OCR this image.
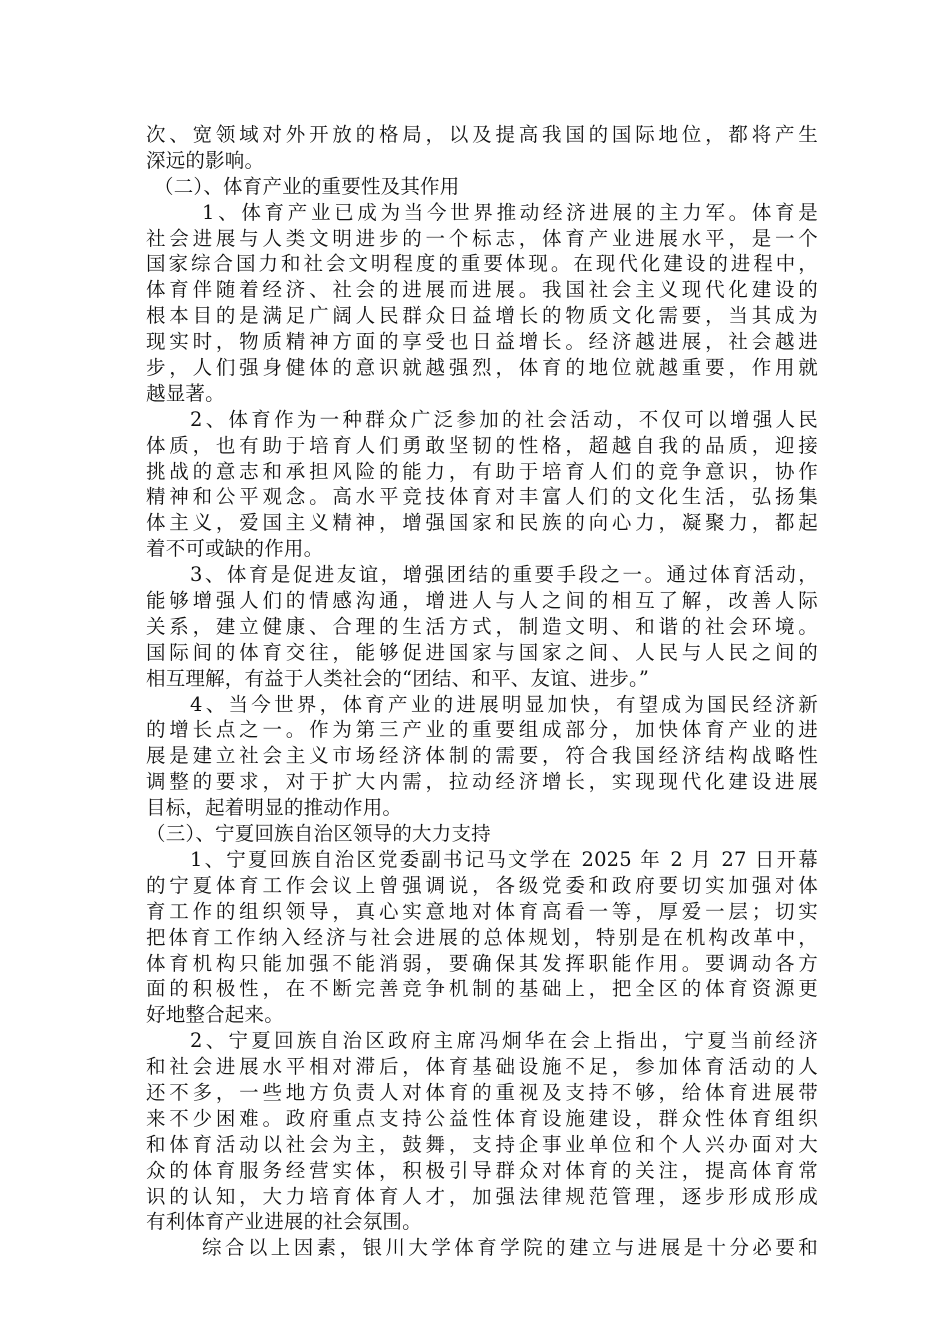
次、宽领域对外开放的格局，以及提高我国的国际地位，都将产生
深远的影响。
（二）、体育产业的重要性及其作用
1、体育产业已成为当今世界推动经济进展的主力军。体育是
社会进展与人类文明进步的一个标志，体育产业进展水平，是一个
国家综合国力和社会文明程度的重要体现。在现代化建设的进程中，
体育伴随着经济、社会的进展而进展。我国社会主义现代化建设的
根本目的是满足广阔人民群众日益增长的物质文化需要，当其成为
现实时，物质精神方面的享受也日益增长。经济越进展，社会越进
步，人们强身健体的意识就越强烈，体育的地位就越重要，作用就
越显著。
2、体育作为一种群众广泛参加的社会活动，不仅可以增强人民
体质，也有助于培育人们勇敢坚韧的性格，超越自我的品质，迎接
挑战的意志和承担风险的能力，有助于培育人们的竞争意识，协作
精神和公平观念。高水平竞技体育对丰富人们的文化生活，弘扬集
体主义，爱国主义精神，增强国家和民族的向心力，凝聚力，都起
着不可或缺的作用。
3、体育是促进友谊，增强团结的重要手段之一。通过体育活动，
能够增强人们的情感沟通，增进人与人之间的相互了解，改善人际
关系，建立健康、合理的生活方式，制造文明、和谐的社会环境。
国际间的体育交往，能够促进国家与国家之间、人民与人民之间的
相互理解，有益于人类社会的“团结、和平、友谊、进步。”
4、当今世界，体育产业的进展明显加快，有望成为国民经济新
的增长点之一。作为第三产业的重要组成部分，加快体育产业的进
展是建立社会主义市场经济体制的需要，符合我国经济结构战略性
调整的要求，对于扩大内需，拉动经济增长，实现现代化建设进展
目标，起着明显的推动作用。
（三）、宁夏回族自治区领导的大力支持
1、宁夏回族自治区党委副书记马文学在 2025 年 2 月 27 日开幕
的宁夏体育工作会议上曾强调说，各级党委和政府要切实加强对体
育工作的组织领导，真心实意地对体育高看一等，厚爱一层；切实
把体育工作纳入经济与社会进展的总体规划，特别是在机构改革中，
体育机构只能加强不能消弱，要确保其发挥职能作用。要调动各方
面的积极性，在不断完善竞争机制的基础上，把全区的体育资源更
好地整合起来。
2、宁夏回族自治区政府主席冯炯华在会上指出，宁夏当前经济
和社会进展水平相对滞后，体育基础设施不足，参加体育活动的人
还不多，一些地方负责人对体育的重视及支持不够，给体育进展带
来不少困难。政府重点支持公益性体育设施建设，群众性体育组织
和体育活动以社会为主，鼓舞，支持企事业单位和个人兴办面对大
众的体育服务经营实体，积极引导群众对体育的关注，提高体育常
识的认知，大力培育体育人才，加强法律规范管理，逐步形成形成
有利体育产业进展的社会氛围。
综合以上因素，银川大学体育学院的建立与进展是十分必要和
